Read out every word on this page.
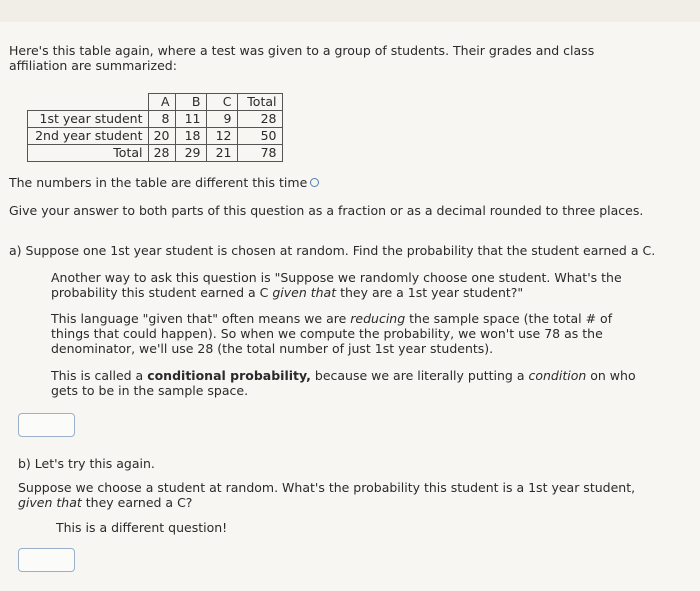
Here's this table again, where a test was given to a group of students. Their grades and class affiliation are summarized:
	A	B	C	Total
1st year student	8	11	9	28
2nd year student	20	18	12	50
Total	28	29	21	78
The numbers in the table are different this time
Give your answer to both parts of this question as a fraction or as a decimal rounded to three places.
a) Suppose one 1st year student is chosen at random. Find the probability that the student earned a C.
Another way to ask this question is "Suppose we randomly choose one student. What's the probability this student earned a C given that they are a 1st year student?"
This language "given that" often means we are reducing the sample space (the total # of things that could happen). So when we compute the probability, we won't use 78 as the denominator, we'll use 28 (the total number of just 1st year students).
This is called a conditional probability, because we are literally putting a condition on who gets to be in the sample space.
b) Let's try this again.
Suppose we choose a student at random. What's the probability this student is a 1st year student, given that they earned a C?
This is a different question!
